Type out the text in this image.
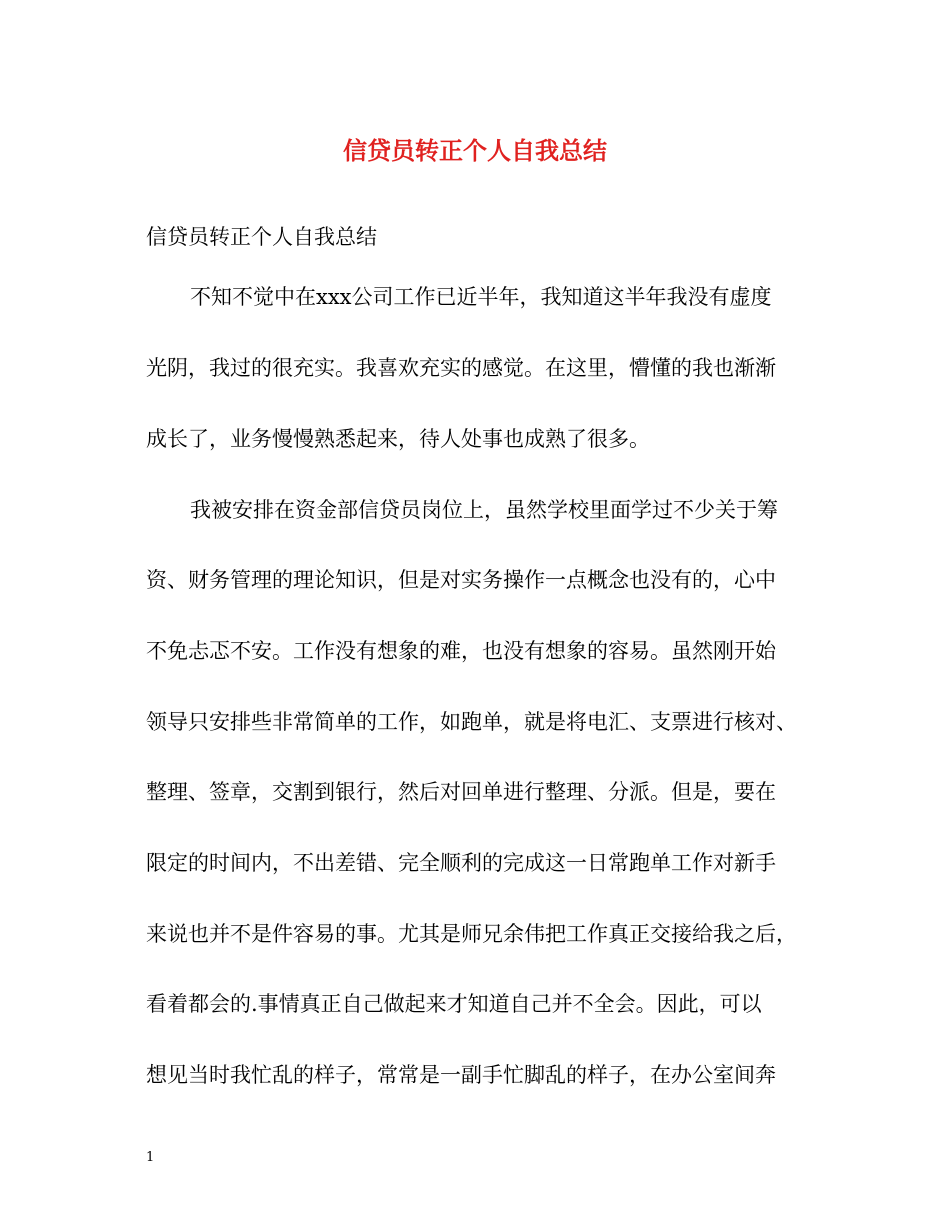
信贷员转正个人自我总结

信贷员转正个人自我总结

不知不觉中在xxx公司工作已近半年，我知道这半年我没有虚度

光阴，我过的很充实。我喜欢充实的感觉。在这里，懵懂的我也渐渐

成长了，业务慢慢熟悉起来，待人处事也成熟了很多。

我被安排在资金部信贷员岗位上，虽然学校里面学过不少关于筹

资、财务管理的理论知识，但是对实务操作一点概念也没有的，心中

不免忐忑不安。工作没有想象的难，也没有想象的容易。虽然刚开始

领导只安排些非常简单的工作，如跑单，就是将电汇、支票进行核对、

整理、签章，交割到银行，然后对回单进行整理、分派。但是，要在

限定的时间内，不出差错、完全顺利的完成这一日常跑单工作对新手

来说也并不是件容易的事。尤其是师兄余伟把工作真正交接给我之后，

看着都会的.事情真正自己做起来才知道自己并不全会。因此，可以

想见当时我忙乱的样子，常常是一副手忙脚乱的样子，在办公室间奔

1
